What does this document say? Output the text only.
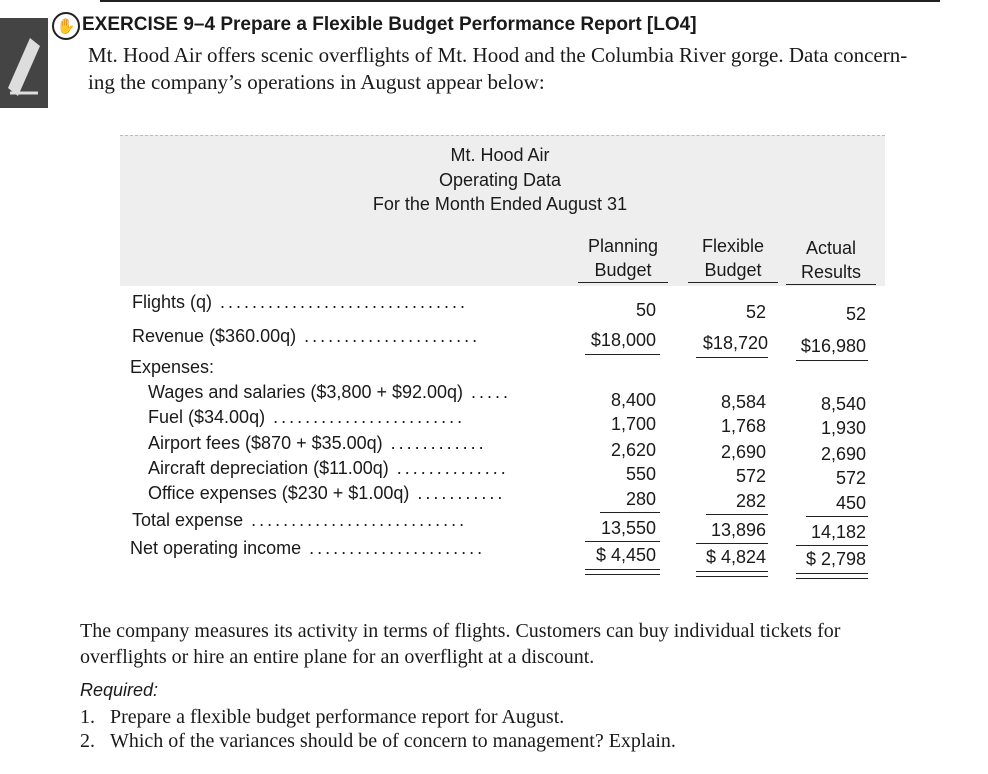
✋ EXERCISE 9–4 Prepare a Flexible Budget Performance Report [LO4]
Mt. Hood Air offers scenic overflights of Mt. Hood and the Columbia River gorge. Data concern-
ing the company’s operations in August appear below:
Mt. Hood Air
Operating Data
For the Month Ended August 31
Planning
Budget
Flexible
Budget
Actual
Results
Flights (q) ...............................	50	52	52
Revenue ($360.00q) ......................	$18,000	$18,720	$16,980
Expenses:
Wages and salaries ($3,800 + $92.00q) .....	8,400	8,584	8,540
Fuel ($34.00q) ........................	1,700	1,768	1,930
Airport fees ($870 + $35.00q) ............	2,620	2,690	2,690
Aircraft depreciation ($11.00q) ..............	550	572	572
Office expenses ($230 + $1.00q) ...........	280	282	450
Total expense ...........................	13,550	13,896	14,182
Net operating income ......................	$ 4,450	$ 4,824	$ 2,798
The company measures its activity in terms of flights. Customers can buy individual tickets for
overflights or hire an entire plane for an overflight at a discount.
Required:
1. Prepare a flexible budget performance report for August.
2. Which of the variances should be of concern to management? Explain.
